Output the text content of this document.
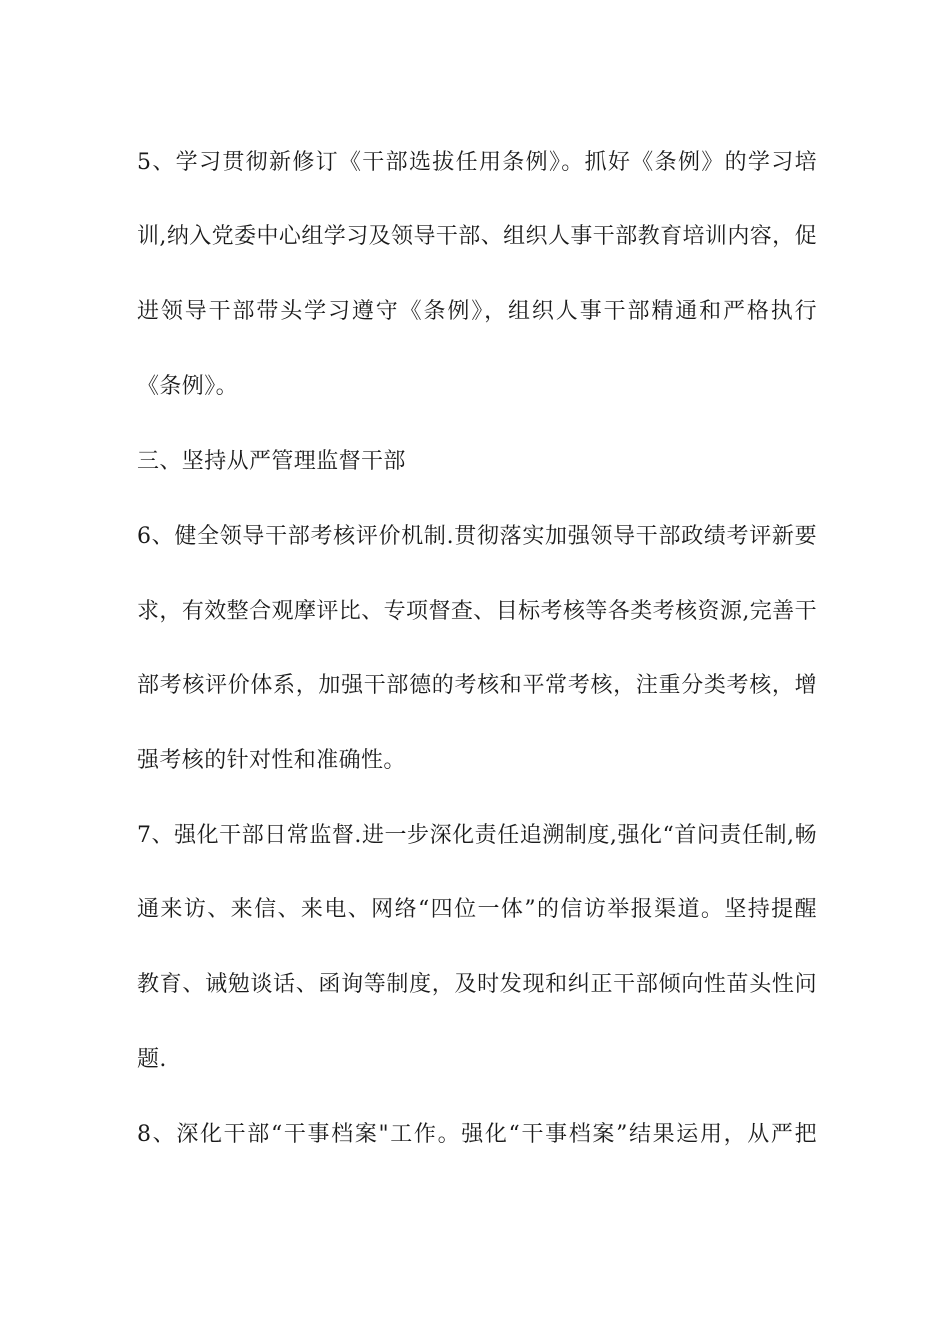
5、学习贯彻新修订《干部选拔任用条例》。抓好《条例》的学习培
训,纳入党委中心组学习及领导干部、组织人事干部教育培训内容，促
进领导干部带头学习遵守《条例》，组织人事干部精通和严格执行
《条例》。
三、坚持从严管理监督干部
6、健全领导干部考核评价机制.贯彻落实加强领导干部政绩考评新要
求，有效整合观摩评比、专项督查、目标考核等各类考核资源,完善干
部考核评价体系，加强干部德的考核和平常考核，注重分类考核，增
强考核的针对性和准确性。
7、强化干部日常监督.进一步深化责任追溯制度,强化“首问责任制,畅
通来访、来信、来电、网络“四位一体”的信访举报渠道。坚持提醒
教育、诫勉谈话、函询等制度，及时发现和纠正干部倾向性苗头性问
题.
8、深化干部“干事档案"工作。强化“干事档案”结果运用，从严把
